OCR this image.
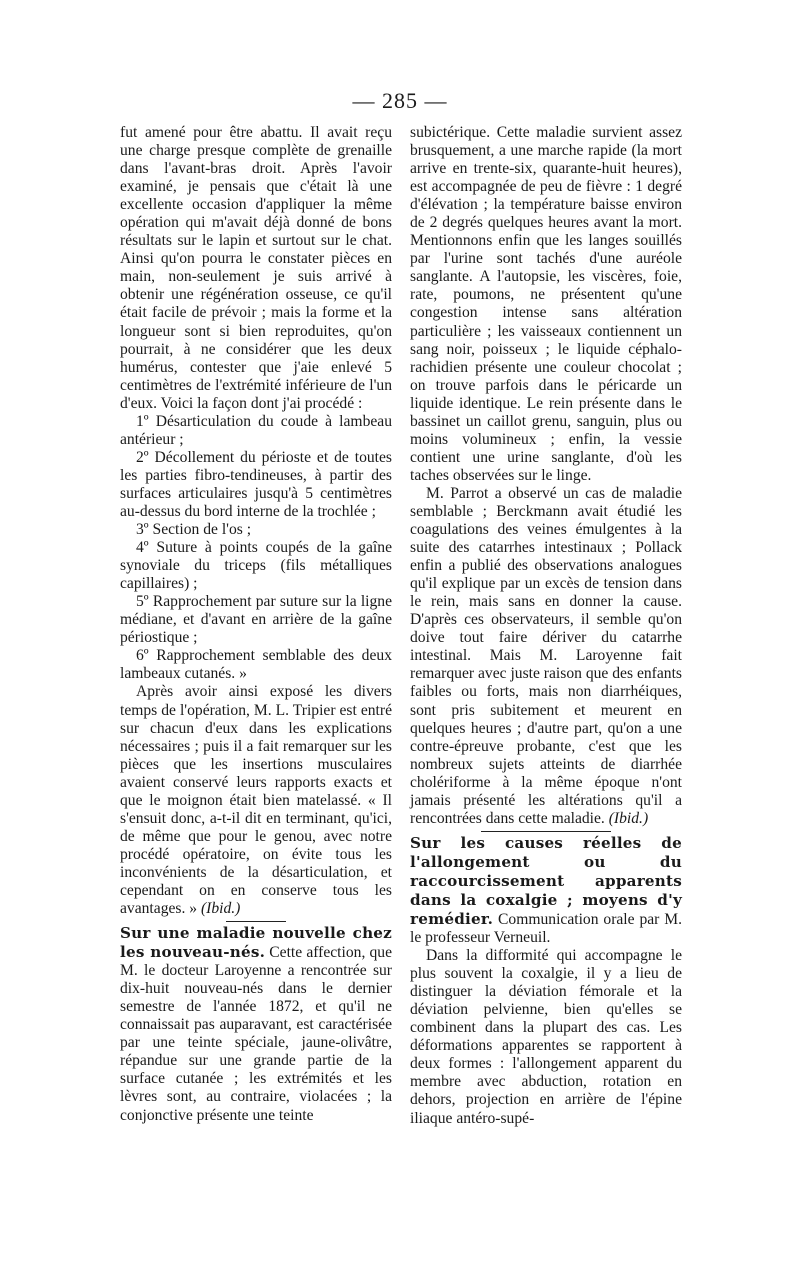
— 285 —

fut amené pour être abattu. Il avait reçu une charge presque complète de grenaille dans l'avant-bras droit. Après l'avoir examiné, je pensais que c'était là une excellente occasion d'appliquer la même opération qui m'avait déjà donné de bons résultats sur le lapin et surtout sur le chat. Ainsi qu'on pourra le constater pièces en main, non-seulement je suis arrivé à obtenir une régénération osseuse, ce qu'il était facile de prévoir ; mais la forme et la longueur sont si bien reproduites, qu'on pourrait, à ne considérer que les deux humérus, contester que j'aie enlevé 5 centimètres de l'extrémité inférieure de l'un d'eux. Voici la façon dont j'ai procédé :

1º Désarticulation du coude à lambeau antérieur ;

2º Décollement du périoste et de toutes les parties fibro-tendineuses, à partir des surfaces articulaires jusqu'à 5 centimètres au-dessus du bord interne de la trochlée ;

3º Section de l'os ;

4º Suture à points coupés de la gaîne synoviale du triceps (fils métalliques capillaires) ;

5º Rapprochement par suture sur la ligne médiane, et d'avant en arrière de la gaîne périostique ;

6º Rapprochement semblable des deux lambeaux cutanés. »

Après avoir ainsi exposé les divers temps de l'opération, M. L. Tripier est entré sur chacun d'eux dans les explications nécessaires ; puis il a fait remarquer sur les pièces que les insertions musculaires avaient conservé leurs rapports exacts et que le moignon était bien matelassé. « Il s'ensuit donc, a-t-il dit en terminant, qu'ici, de même que pour le genou, avec notre procédé opératoire, on évite tous les inconvénients de la désarticulation, et cependant on en conserve tous les avantages. » (Ibid.)

Sur une maladie nouvelle chez les nouveau-nés. Cette affection, que M. le docteur Laroyenne a rencontrée sur dix-huit nouveau-nés dans le dernier semestre de l'année 1872, et qu'il ne connaissait pas auparavant, est caractérisée par une teinte spéciale, jaune-olivâtre, répandue sur une grande partie de la surface cutanée ; les extrémités et les lèvres sont, au contraire, violacées ; la conjonctive présente une teinte

subictérique. Cette maladie survient assez brusquement, a une marche rapide (la mort arrive en trente-six, quarante-huit heures), est accompagnée de peu de fièvre : 1 degré d'élévation ; la température baisse environ de 2 degrés quelques heures avant la mort. Mentionnons enfin que les langes souillés par l'urine sont tachés d'une auréole sanglante. A l'autopsie, les viscères, foie, rate, poumons, ne présentent qu'une congestion intense sans altération particulière ; les vaisseaux contiennent un sang noir, poisseux ; le liquide céphalo-rachidien présente une couleur chocolat ; on trouve parfois dans le péricarde un liquide identique. Le rein présente dans le bassinet un caillot grenu, sanguin, plus ou moins volumineux ; enfin, la vessie contient une urine sanglante, d'où les taches observées sur le linge.

M. Parrot a observé un cas de maladie semblable ; Berckmann avait étudié les coagulations des veines émulgentes à la suite des catarrhes intestinaux ; Pollack enfin a publié des observations analogues qu'il explique par un excès de tension dans le rein, mais sans en donner la cause. D'après ces observateurs, il semble qu'on doive tout faire dériver du catarrhe intestinal. Mais M. Laroyenne fait remarquer avec juste raison que des enfants faibles ou forts, mais non diarrhéiques, sont pris subitement et meurent en quelques heures ; d'autre part, qu'on a une contre-épreuve probante, c'est que les nombreux sujets atteints de diarrhée cholériforme à la même époque n'ont jamais présenté les altérations qu'il a rencontrées dans cette maladie. (Ibid.)

Sur les causes réelles de l'allongement ou du raccourcissement apparents dans la coxalgie ; moyens d'y remédier. Communication orale par M. le professeur Verneuil.

Dans la difformité qui accompagne le plus souvent la coxalgie, il y a lieu de distinguer la déviation fémorale et la déviation pelvienne, bien qu'elles se combinent dans la plupart des cas. Les déformations apparentes se rapportent à deux formes : l'allongement apparent du membre avec abduction, rotation en dehors, projection en arrière de l'épine iliaque antéro-supé-
